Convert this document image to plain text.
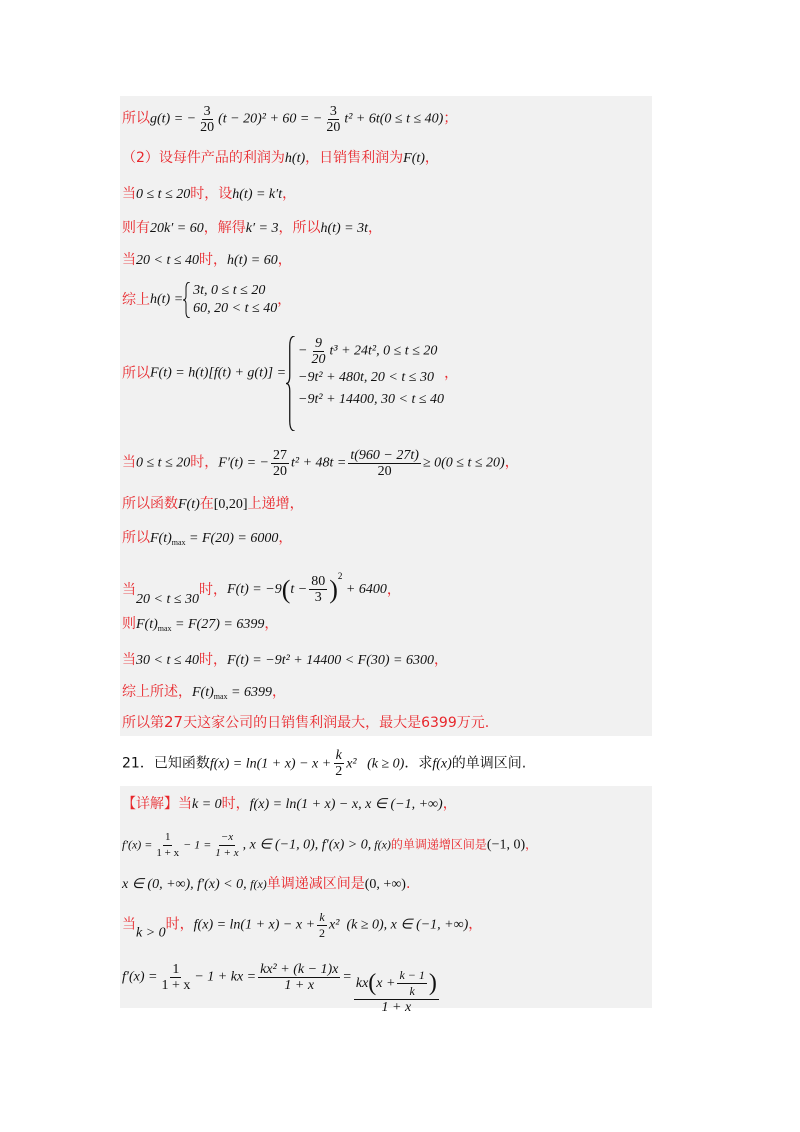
所以g(t) = − $\frac{3}{20} (t - 20)^2 + 60$ = − $\frac{3}{20} t^2 + 6t(0 \le t \le 40)$；
（2）设每件产品的利润为h(t)，日销售利润为F(t)，
当0 ≤ t ≤ 20时，设h(t) = k′t，
则有20k′ = 60，解得k′ = 3，所以h(t) = 3t，
当20 < t ≤ 40时，h(t) = 60，
综上h(t) =
3t, 0 ≤ t ≤ 20
60, 20 < t ≤ 40
，
所以F(t) = h(t)[f(t) + g(t)] =
− $\frac{9}{20} t^3 + 24t^2$, 0 ≤ t ≤ 20
−9t² + 480t, 20 < t ≤ 30
−9t² + 14400, 30 < t ≤ 40
，
当0 ≤ t ≤ 20时，F′(t) = − $\frac{27}{20} t^2 + 48t = \frac{t(960 - 27t)}{20} \ge 0(0 \le t \le 20)$，
所以函数F(t)在[0,20]上递增，
所以$F(t)_{max} = F(20) = 6000$，
当20 < t ≤ 30时，$F(t) = -9(t - \frac{80}{3} )^2 + 6400$，
则$F(t)_{max} = F(27) = 6399$，
当30 < t ≤ 40时，F(t) = −9t² + 14400 < F(30) = 6300，
综上所述，$F(t)_{max} = 6399$，
所以第27天这家公司的日销售利润最大，最大是6399万元.
21．已知函数$f(x) = \ln(1 + x) - x + \frac{k}{2} x^2$   (k ≥ 0)．求f(x)的单调区间.
【详解】当k = 0时，f(x) = ln(1 + x) − x, x ∈ (−1, +∞)，
$f'(x) = \frac{1}{1 + x} - 1 = \frac{-x}{1 + x}$ , x ∈ (−1, 0), f′(x) > 0, f(x)的单调递增区间是(−1, 0)，
x ∈ (0, +∞), f′(x) < 0, f(x)单调递减区间是(0, +∞).
当k > 0时，$f(x) = \ln(1 + x) - x + \frac{k}{2} x^2$  (k ≥ 0), x ∈ (−1, +∞)，
$f'(x) = \frac{1}{1 + x} - 1$ + kx = $\frac{\text{kx² + (k − 1)x}}{1 + x} = \frac{kx ( x + \frac{k - 1}{k} )}{1 + x}$
